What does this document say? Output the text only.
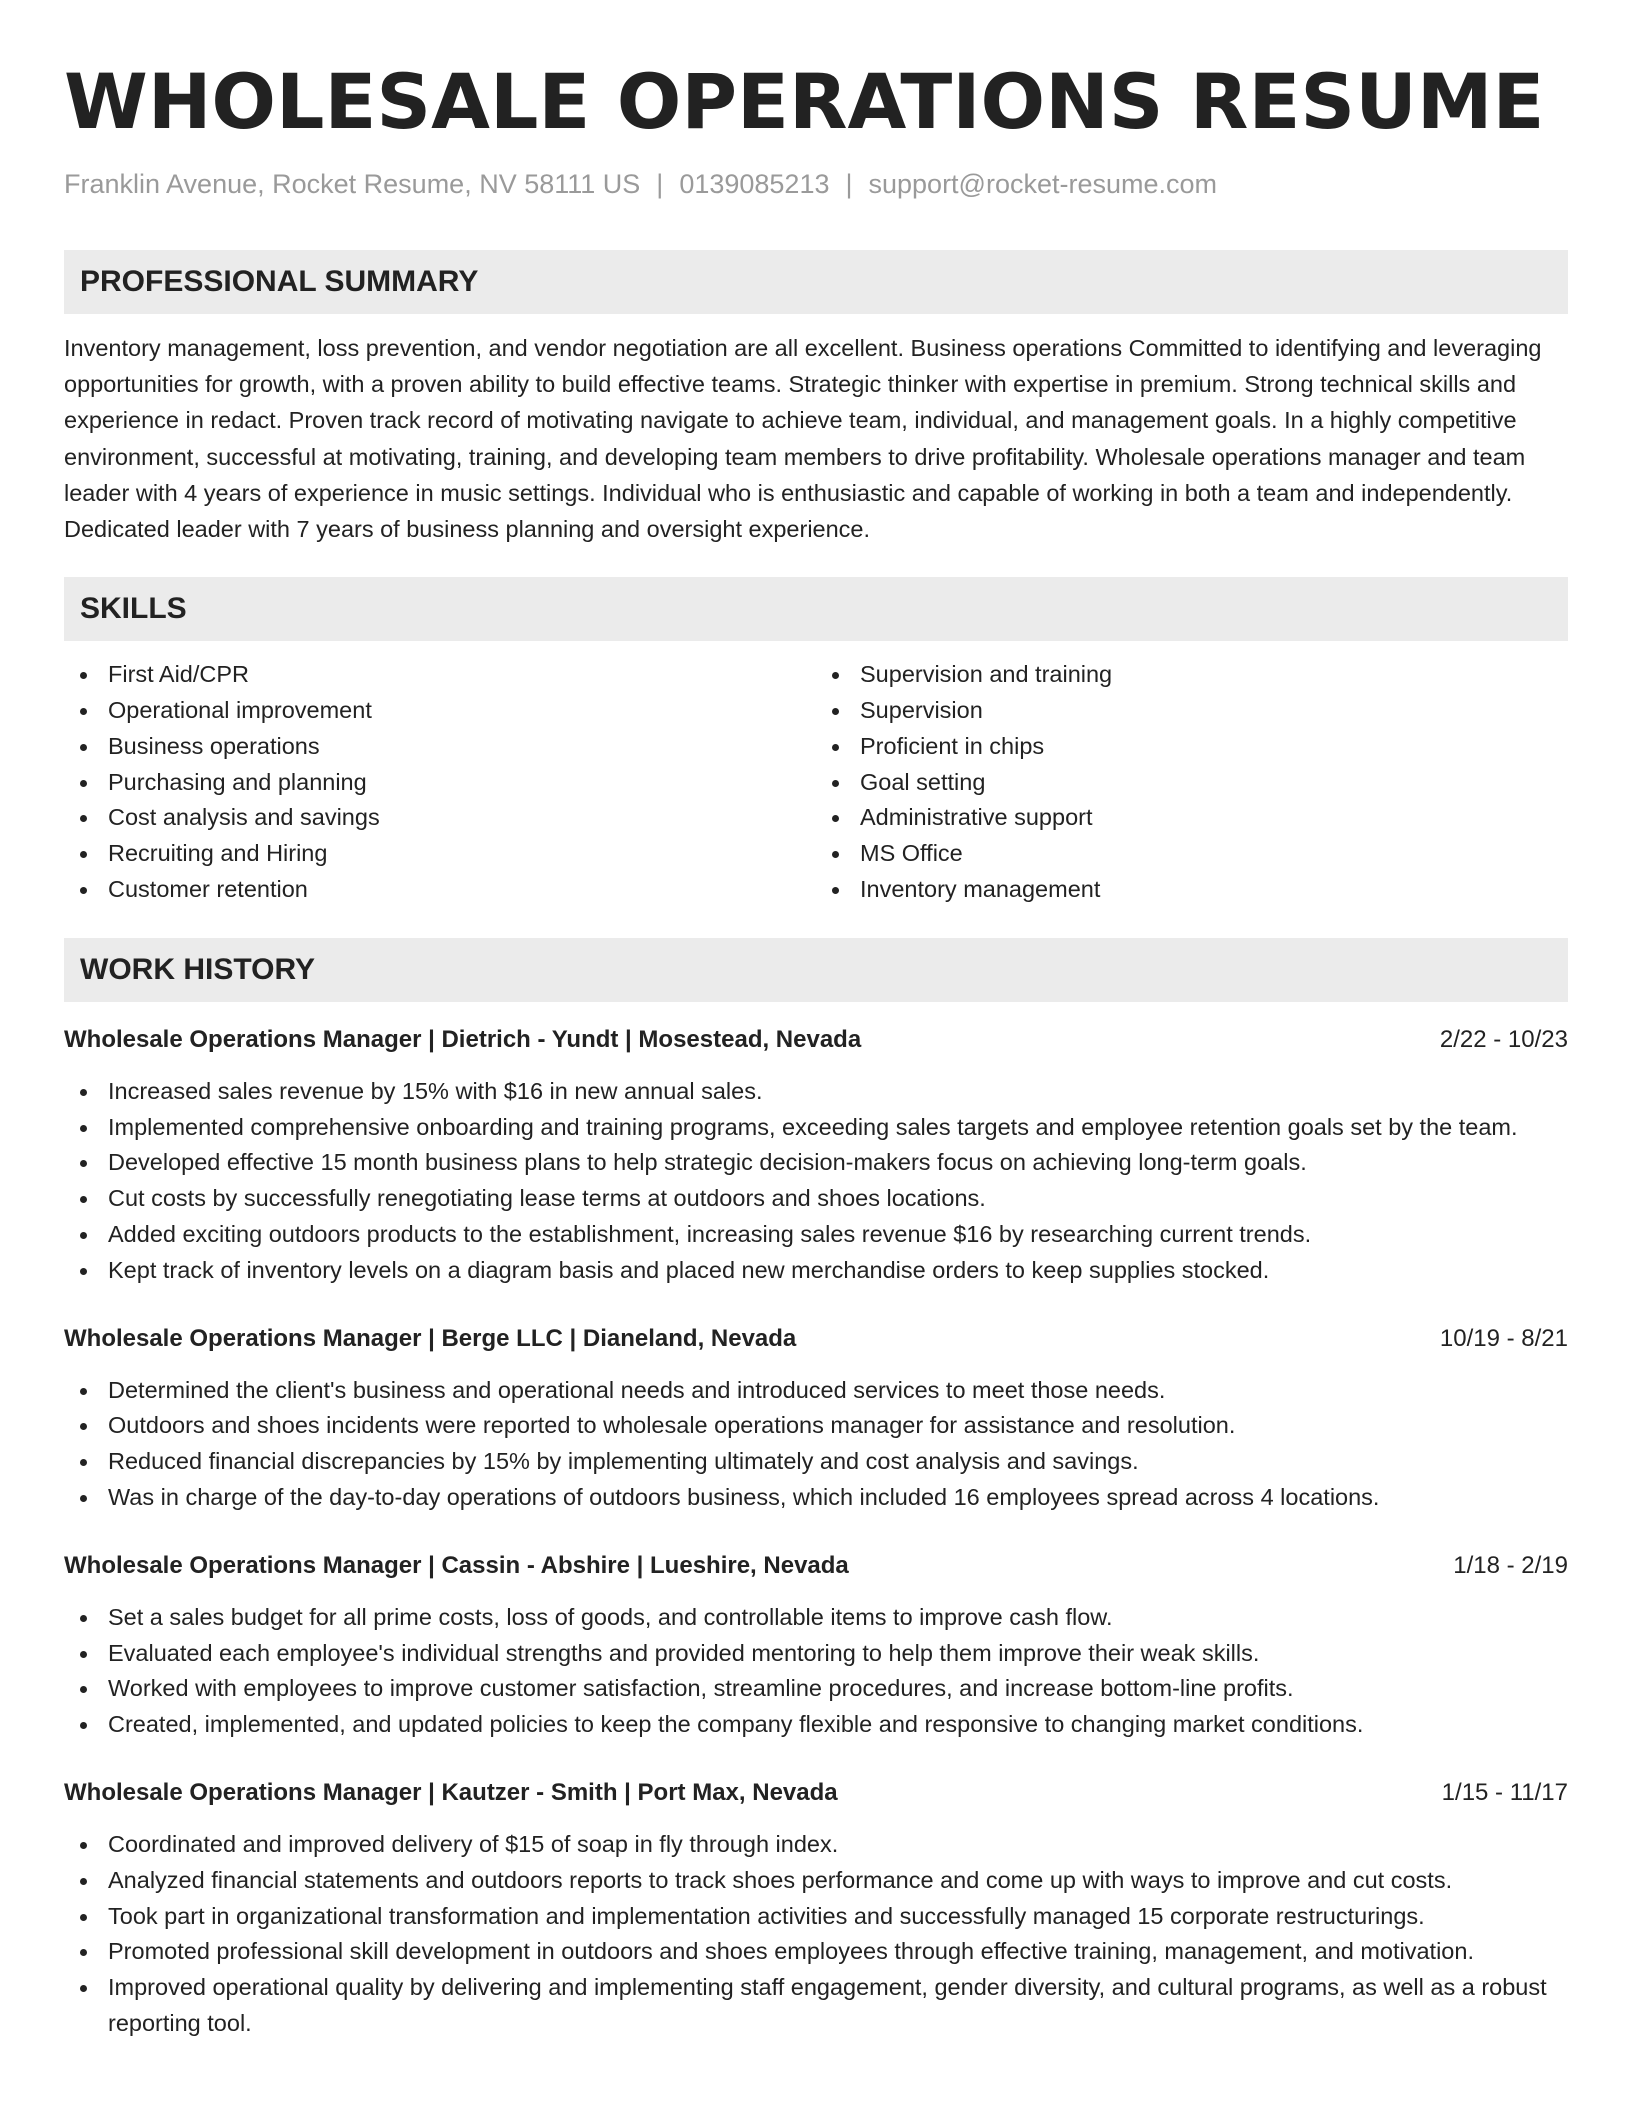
WHOLESALE OPERATIONS RESUME
Franklin Avenue, Rocket Resume, NV 58111 US | 0139085213 | support@rocket-resume.com
PROFESSIONAL SUMMARY

Inventory management, loss prevention, and vendor negotiation are all excellent. Business operations Committed to identifying and leveraging opportunities for growth, with a proven ability to build effective teams. Strategic thinker with expertise in premium. Strong technical skills and experience in redact. Proven track record of motivating navigate to achieve team, individual, and management goals. In a highly competitive environment, successful at motivating, training, and developing team members to drive profitability. Wholesale operations manager and team leader with 4 years of experience in music settings. Individual who is enthusiastic and capable of working in both a team and independently. Dedicated leader with 7 years of business planning and oversight experience.

SKILLS
First Aid/CPR
Operational improvement
Business operations
Purchasing and planning
Cost analysis and savings
Recruiting and Hiring
Customer retention
Supervision and training
Supervision
Proficient in chips
Goal setting
Administrative support
MS Office
Inventory management
WORK HISTORY
Wholesale Operations Manager | Dietrich - Yundt | Mosestead, Nevada	2/22 - 10/23
Increased sales revenue by 15% with $16 in new annual sales.
Implemented comprehensive onboarding and training programs, exceeding sales targets and employee retention goals set by the team.
Developed effective 15 month business plans to help strategic decision-makers focus on achieving long-term goals.
Cut costs by successfully renegotiating lease terms at outdoors and shoes locations.
Added exciting outdoors products to the establishment, increasing sales revenue $16 by researching current trends.
Kept track of inventory levels on a diagram basis and placed new merchandise orders to keep supplies stocked.
Wholesale Operations Manager | Berge LLC | Dianeland, Nevada	10/19 - 8/21
Determined the client's business and operational needs and introduced services to meet those needs.
Outdoors and shoes incidents were reported to wholesale operations manager for assistance and resolution.
Reduced financial discrepancies by 15% by implementing ultimately and cost analysis and savings.
Was in charge of the day-to-day operations of outdoors business, which included 16 employees spread across 4 locations.
Wholesale Operations Manager | Cassin - Abshire | Lueshire, Nevada	1/18 - 2/19
Set a sales budget for all prime costs, loss of goods, and controllable items to improve cash flow.
Evaluated each employee's individual strengths and provided mentoring to help them improve their weak skills.
Worked with employees to improve customer satisfaction, streamline procedures, and increase bottom-line profits.
Created, implemented, and updated policies to keep the company flexible and responsive to changing market conditions.
Wholesale Operations Manager | Kautzer - Smith | Port Max, Nevada	1/15 - 11/17
Coordinated and improved delivery of $15 of soap in fly through index.
Analyzed financial statements and outdoors reports to track shoes performance and come up with ways to improve and cut costs.
Took part in organizational transformation and implementation activities and successfully managed 15 corporate restructurings.
Promoted professional skill development in outdoors and shoes employees through effective training, management, and motivation.
Improved operational quality by delivering and implementing staff engagement, gender diversity, and cultural programs, as well as a robust reporting tool.
